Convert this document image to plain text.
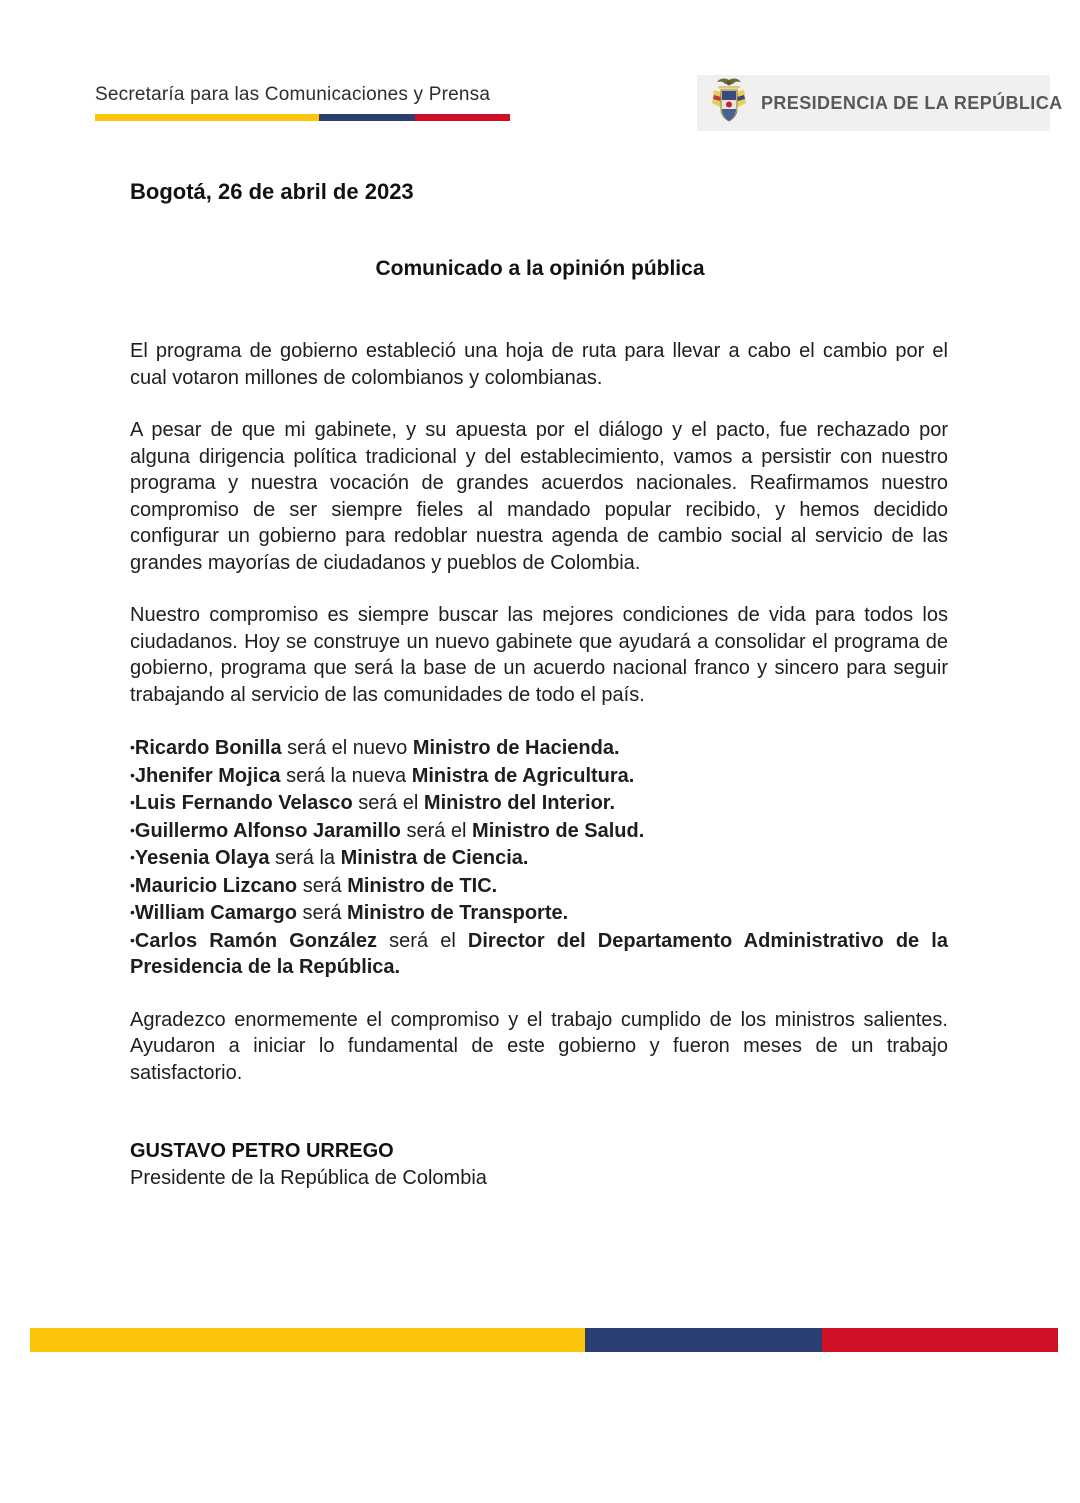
Secretaría para las Comunicaciones y Prensa	PRESIDENCIA DE LA REPÚBLICA
Bogotá, 26 de abril de 2023
Comunicado a la opinión pública

El programa de gobierno estableció una hoja de ruta para llevar a cabo el cambio por el cual votaron millones de colombianos y colombianas.

A pesar de que mi gabinete, y su apuesta por el diálogo y el pacto, fue rechazado por alguna dirigencia política tradicional y del establecimiento, vamos a persistir con nuestro programa y nuestra vocación de grandes acuerdos nacionales. Reafirmamos nuestro compromiso de ser siempre fieles al mandado popular recibido, y hemos decidido configurar un gobierno para redoblar nuestra agenda de cambio social al servicio de las grandes mayorías de ciudadanos y pueblos de Colombia.

Nuestro compromiso es siempre buscar las mejores condiciones de vida para todos los ciudadanos. Hoy se construye un nuevo gabinete que ayudará a consolidar el programa de gobierno, programa que será la base de un acuerdo nacional franco y sincero para seguir trabajando al servicio de las comunidades de todo el país.

•Ricardo Bonilla será el nuevo Ministro de Hacienda.
•Jhenifer Mojica será la nueva Ministra de Agricultura.
•Luis Fernando Velasco será el Ministro del Interior.
•Guillermo Alfonso Jaramillo será el Ministro de Salud.
•Yesenia Olaya será la Ministra de Ciencia.
•Mauricio Lizcano será Ministro de TIC.
•William Camargo será Ministro de Transporte.
•Carlos Ramón González será el Director del Departamento Administrativo de la Presidencia de la República.

Agradezco enormemente el compromiso y el trabajo cumplido de los ministros salientes. Ayudaron a iniciar lo fundamental de este gobierno y fueron meses de un trabajo satisfactorio.

GUSTAVO PETRO URREGO
Presidente de la República de Colombia
